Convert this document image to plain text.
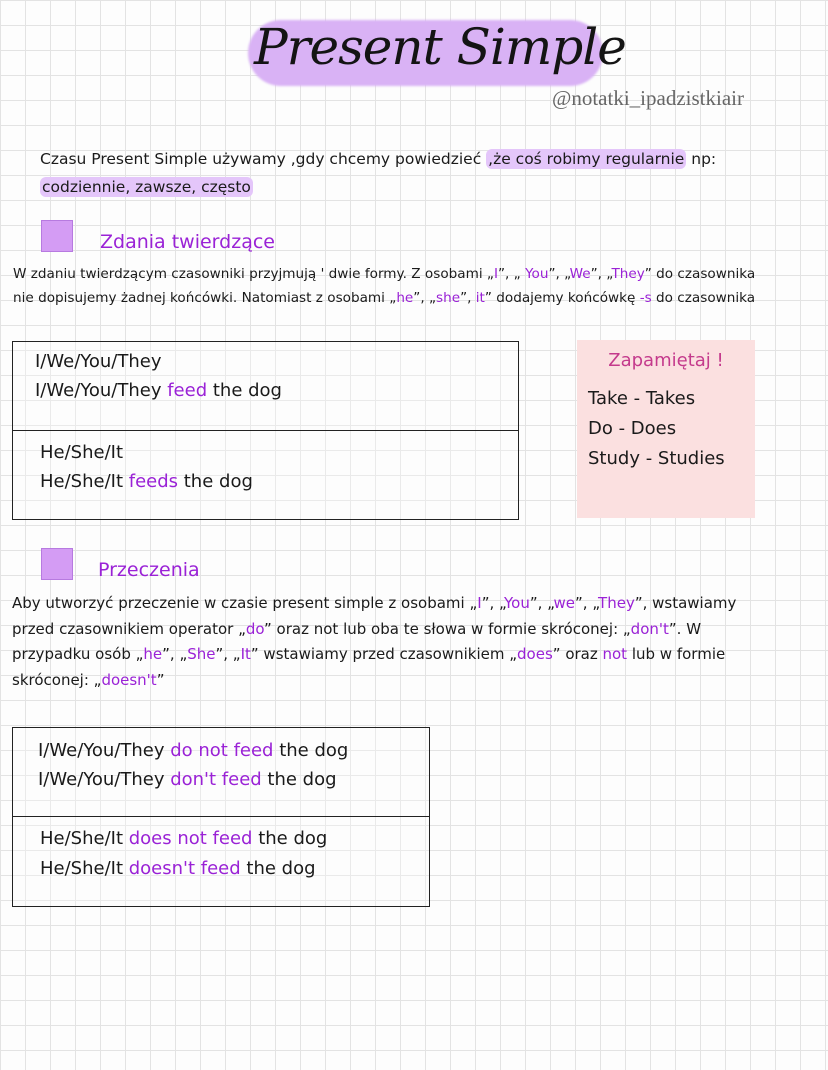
Present Simple
@notatki_ipadzistkiair
Czasu Present Simple używamy ,gdy chcemy powiedzieć ,że coś robimy regularnie np:
codziennie, zawsze, często
Zdania twierdzące
W zdaniu twierdzącym czasowniki przyjmują ' dwie formy. Z osobami „I”, „ You”, „We”, „They” do czasownika
nie dopisujemy żadnej końcówki. Natomiast z osobami „he”, „she”, it” dodajemy końcówkę -s do czasownika
I/We/You/They
I/We/You/They feed the dog
He/She/It
He/She/It feeds the dog
Zapamiętaj !
Take - Takes
Do - Does
Study - Studies
Przeczenia
Aby utworzyć przeczenie w czasie present simple z osobami „I”, „You”, „we”, „They”, wstawiamy
przed czasownikiem operator „do” oraz not lub oba te słowa w formie skróconej: „don't”. W
przypadku osób „he”, „She”, „It” wstawiamy przed czasownikiem „does” oraz not lub w formie
skróconej: „doesn't”
I/We/You/They do not feed the dog
I/We/You/They don't feed the dog
He/She/It does not feed the dog
He/She/It doesn't feed the dog
